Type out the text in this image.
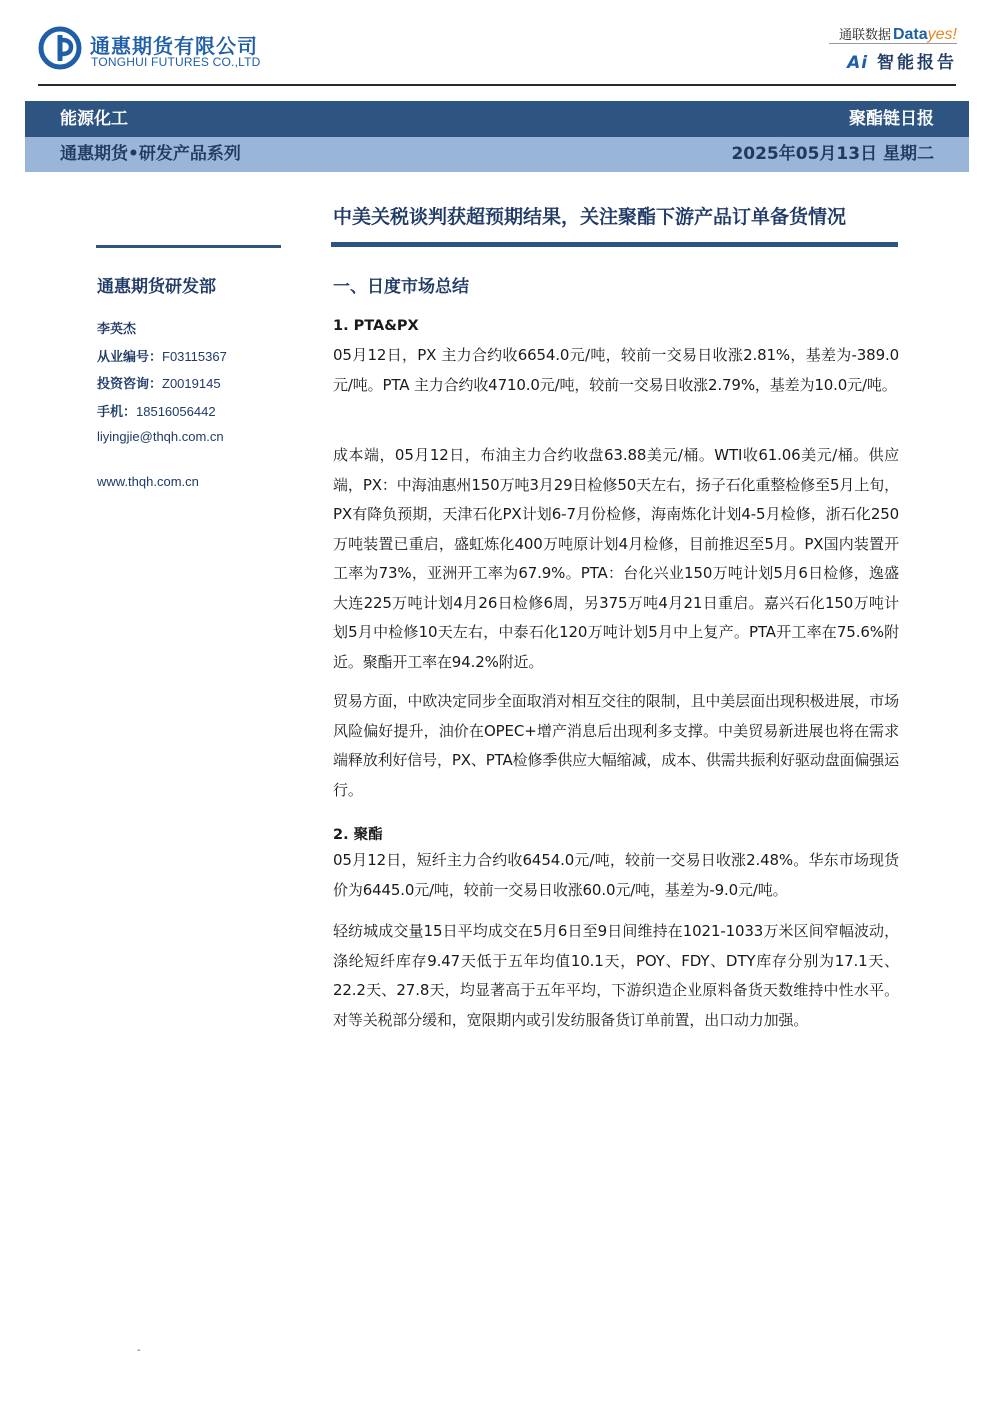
通惠期货有限公司
TONGHUI FUTURES CO.,LTD
通联数据 Datayes!
Ai 智能报告
能源化工	聚酯链日报
通惠期货•研发产品系列	2025年05月13日 星期二
中美关税谈判获超预期结果，关注聚酯下游产品订单备货情况
通惠期货研发部
李英杰
从业编号：F03115367
投资咨询：Z0019145
手机：18516056442
liyingjie@thqh.com.cn
www.thqh.com.cn
一、日度市场总结
1. PTA&PX
05月12日，PX 主力合约收6654.0元/吨，较前一交易日收涨2.81%，基差为-389.0元/吨。PTA 主力合约收4710.0元/吨，较前一交易日收涨2.79%，基差为10.0元/吨。
成本端，05月12日，布油主力合约收盘63.88美元/桶。WTI收61.06美元/桶。供应端，PX：中海油惠州150万吨3月29日检修50天左右，扬子石化重整检修至5月上旬，PX有降负预期，天津石化PX计划6-7月份检修，海南炼化计划4-5月检修，浙石化250万吨装置已重启，盛虹炼化400万吨原计划4月检修，目前推迟至5月。PX国内装置开工率为73%，亚洲开工率为67.9%。PTA：台化兴业150万吨计划5月6日检修，逸盛大连225万吨计划4月26日检修6周，另375万吨4月21日重启。嘉兴石化150万吨计划5月中检修10天左右，中泰石化120万吨计划5月中上复产。PTA开工率在75.6%附近。聚酯开工率在94.2%附近。
贸易方面，中欧决定同步全面取消对相互交往的限制，且中美层面出现积极进展，市场风险偏好提升，油价在OPEC+增产消息后出现利多支撑。中美贸易新进展也将在需求端释放利好信号，PX、PTA检修季供应大幅缩减，成本、供需共振利好驱动盘面偏强运行。
2. 聚酯
05月12日，短纤主力合约收6454.0元/吨，较前一交易日收涨2.48%。华东市场现货价为6445.0元/吨，较前一交易日收涨60.0元/吨，基差为-9.0元/吨。
轻纺城成交量15日平均成交在5月6日至9日间维持在1021-1033万米区间窄幅波动，涤纶短纤库存9.47天低于五年均值10.1天，POY、FDY、DTY库存分别为17.1天、22.2天、27.8天，均显著高于五年平均，下游织造企业原料备货天数维持中性水平。对等关税部分缓和，宽限期内或引发纺服备货订单前置，出口动力加强。
-
